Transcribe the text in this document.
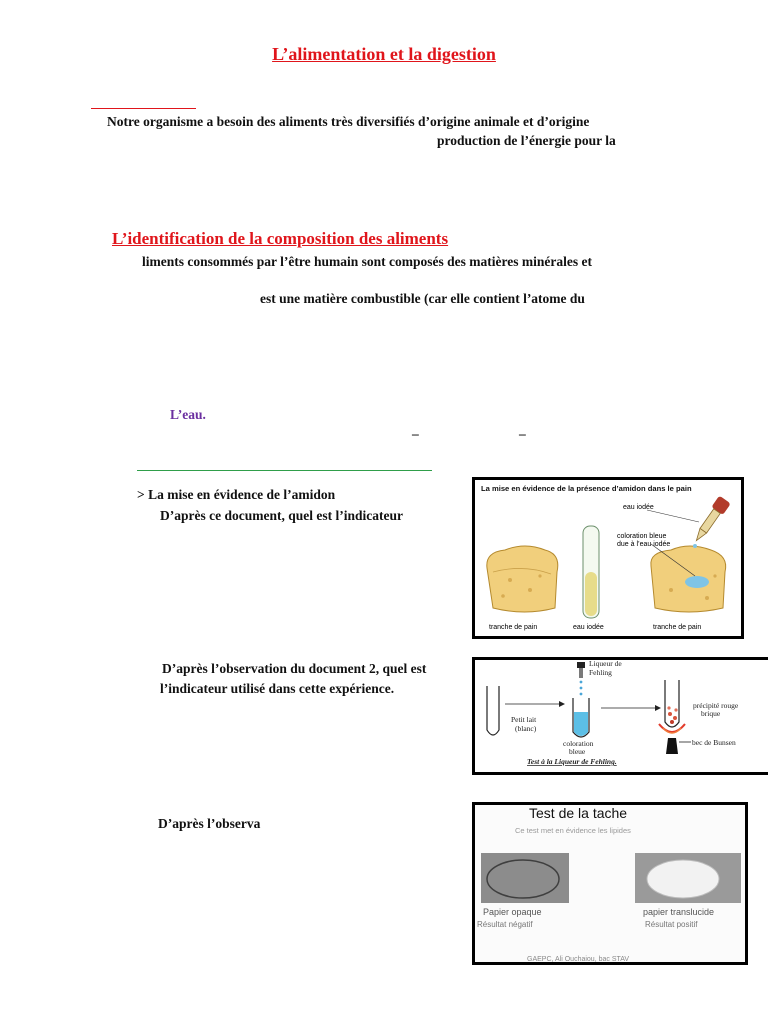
L’alimentation et la digestion
Notre organisme a besoin des aliments très diversifiés d’origine animale et d’origine
production de l’énergie pour la
L’identification de la composition des aliments
liments consommés par l’être humain sont composés des matières minérales et
est une matière combustible (car elle contient l’atome du
L’eau.
–	–
> La mise en évidence de l’amidon
D’après ce document, quel est l’indicateur
La mise en évidence de la présence d’amidon dans le pain
eau iodée
coloration bleue
due à l’eau iodée
tranche de pain	eau iodée	tranche de pain
D’après l’observation du document 2, quel est
l’indicateur utilisé dans cette expérience.
Petit lait
(blanc)
Liqueur de
Fehling
coloration
bleue
précipité rouge
brique
bec de Bunsen
Test à la Liqueur de Fehling.
D’après l’observa
Test de la tache
Ce test met en évidence les lipides
Papier opaque
Résultat négatif
papier translucide
Résultat positif
GAEPC, Ali Ouchaiou, bac STAV
